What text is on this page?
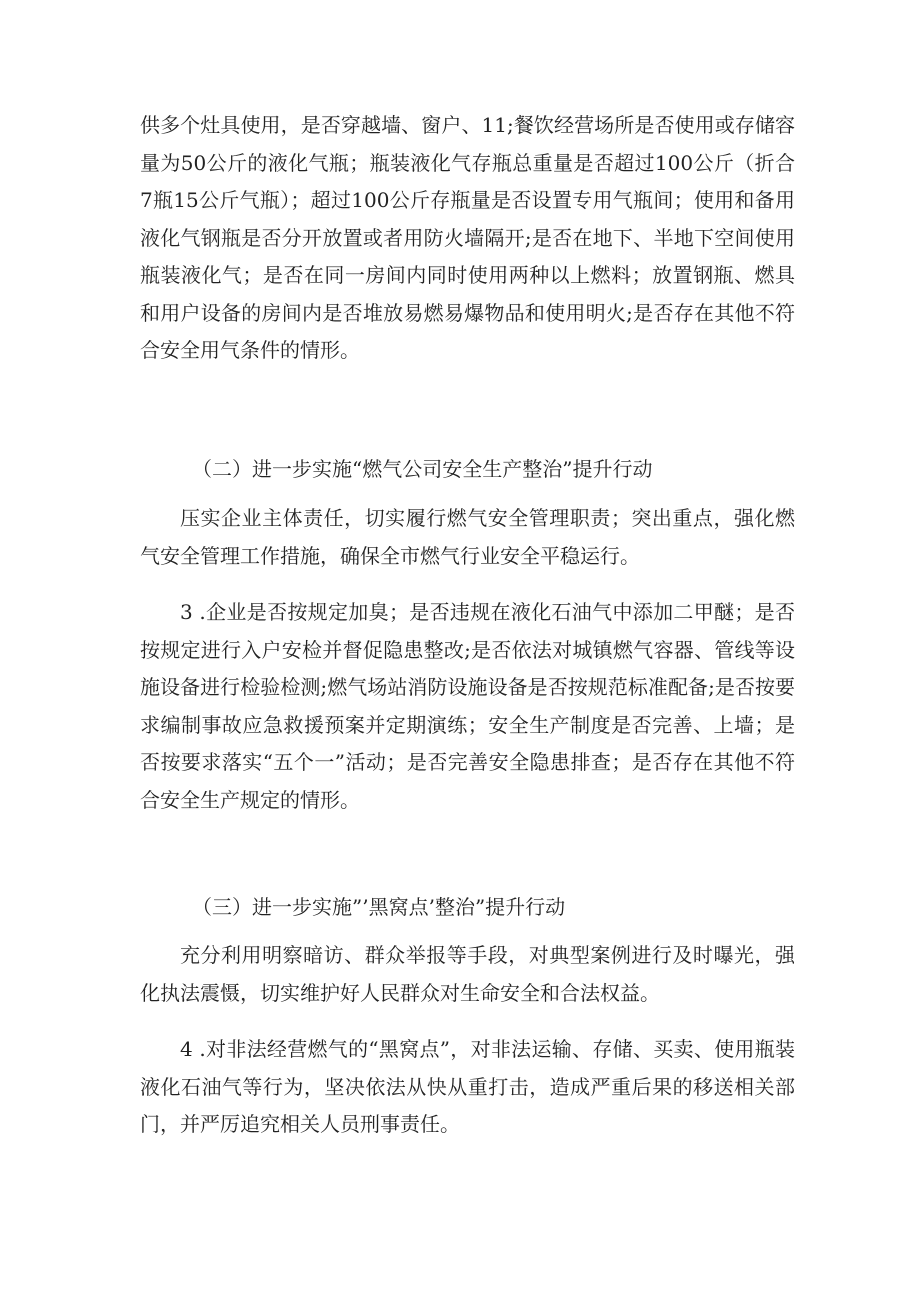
供多个灶具使用，是否穿越墙、窗户、11;餐饮经营场所是否使用或存储容量为50公斤的液化气瓶；瓶装液化气存瓶总重量是否超过100公斤（折合7瓶15公斤气瓶）；超过100公斤存瓶量是否设置专用气瓶间；使用和备用液化气钢瓶是否分开放置或者用防火墙隔开;是否在地下、半地下空间使用瓶装液化气；是否在同一房间内同时使用两种以上燃料；放置钢瓶、燃具和用户设备的房间内是否堆放易燃易爆物品和使用明火;是否存在其他不符合安全用气条件的情形。

（二）进一步实施“燃气公司安全生产整治”提升行动

压实企业主体责任，切实履行燃气安全管理职责；突出重点，强化燃气安全管理工作措施，确保全市燃气行业安全平稳运行。

3 .企业是否按规定加臭；是否违规在液化石油气中添加二甲醚；是否按规定进行入户安检并督促隐患整改;是否依法对城镇燃气容器、管线等设施设备进行检验检测;燃气场站消防设施设备是否按规范标准配备;是否按要求编制事故应急救援预案并定期演练；安全生产制度是否完善、上墙；是否按要求落实“五个一”活动；是否完善安全隐患排查；是否存在其他不符合安全生产规定的情形。

（三）进一步实施”’黑窝点’整治”提升行动

充分利用明察暗访、群众举报等手段，对典型案例进行及时曝光，强化执法震慑，切实维护好人民群众对生命安全和合法权益。

4 .对非法经营燃气的“黑窝点”，对非法运输、存储、买卖、使用瓶装液化石油气等行为，坚决依法从快从重打击，造成严重后果的移送相关部门，并严厉追究相关人员刑事责任。
